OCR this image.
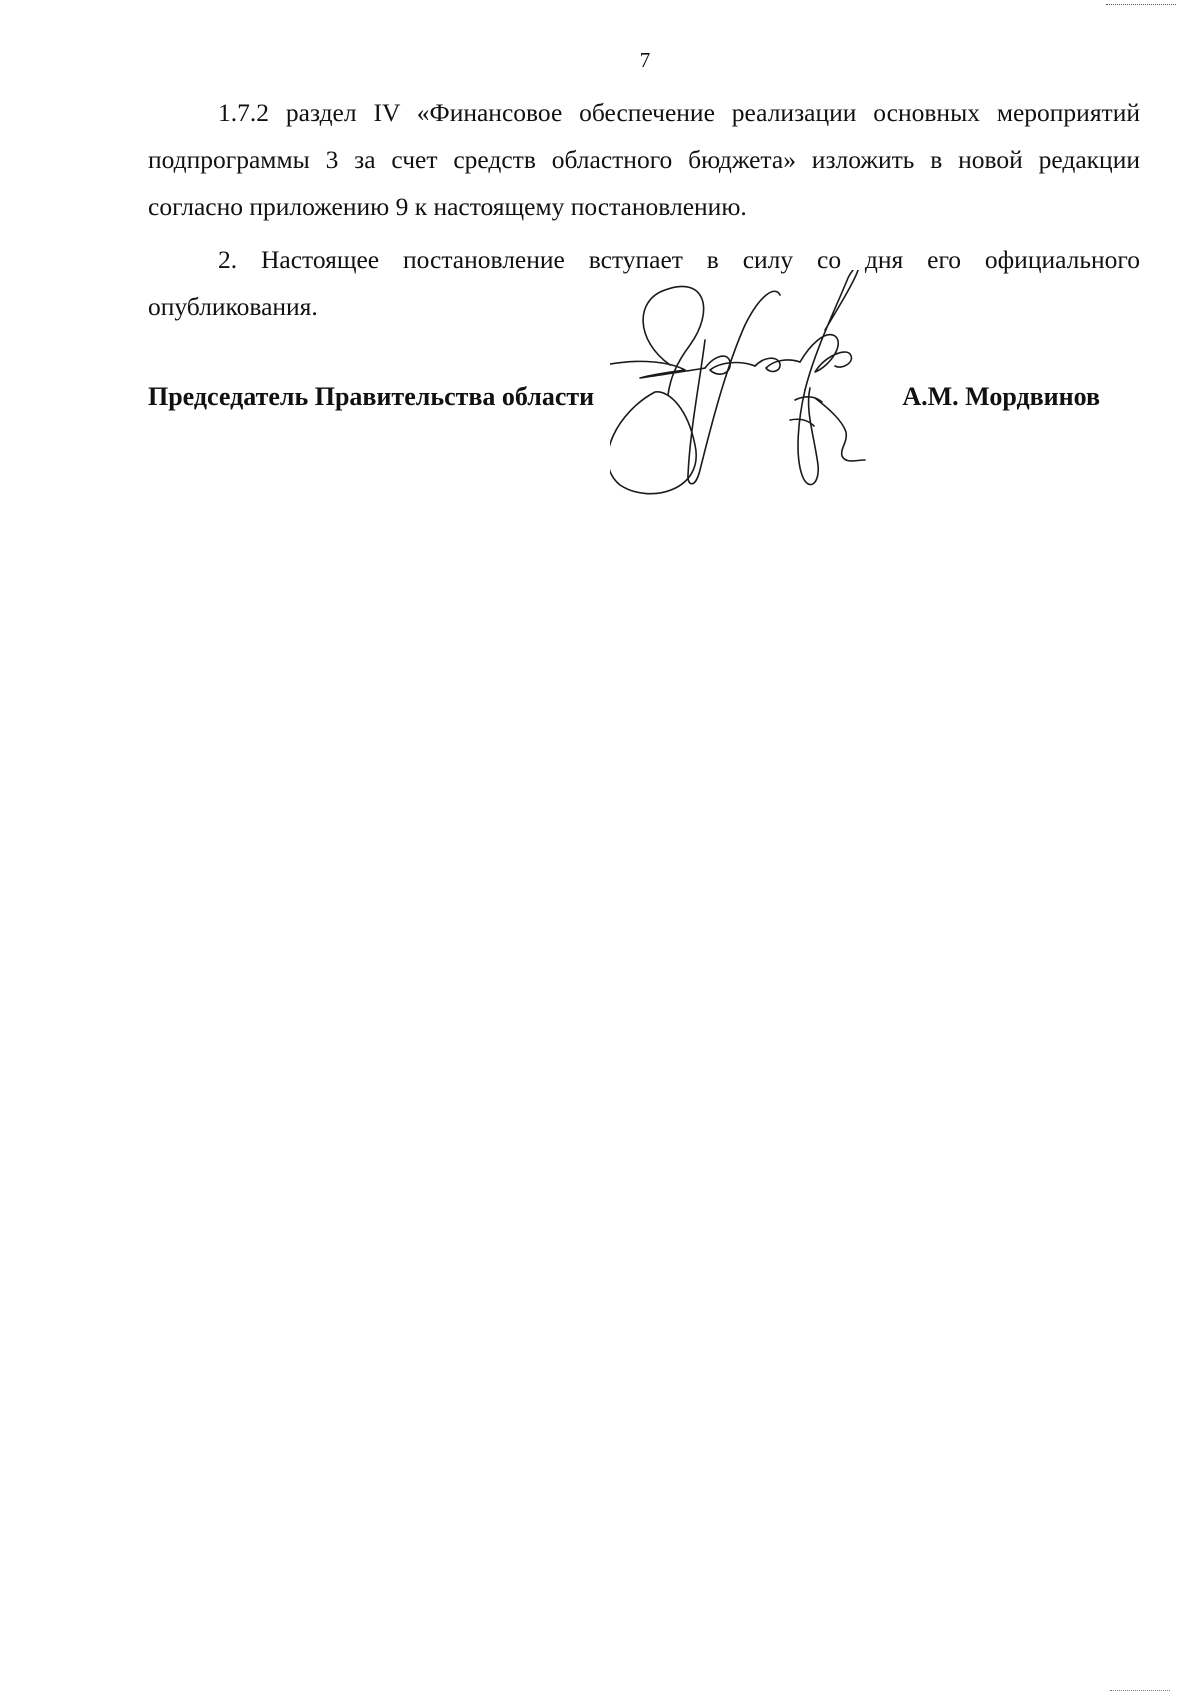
7

1.7.2 раздел IV «Финансовое обеспечение реализации основных мероприятий подпрограммы 3 за счет средств областного бюджета» изложить в новой редакции согласно приложению 9 к настоящему постановлению.

2. Настоящее постановление вступает в силу со дня его официального опубликования.

Председатель Правительства области	А.М. Мордвинов
